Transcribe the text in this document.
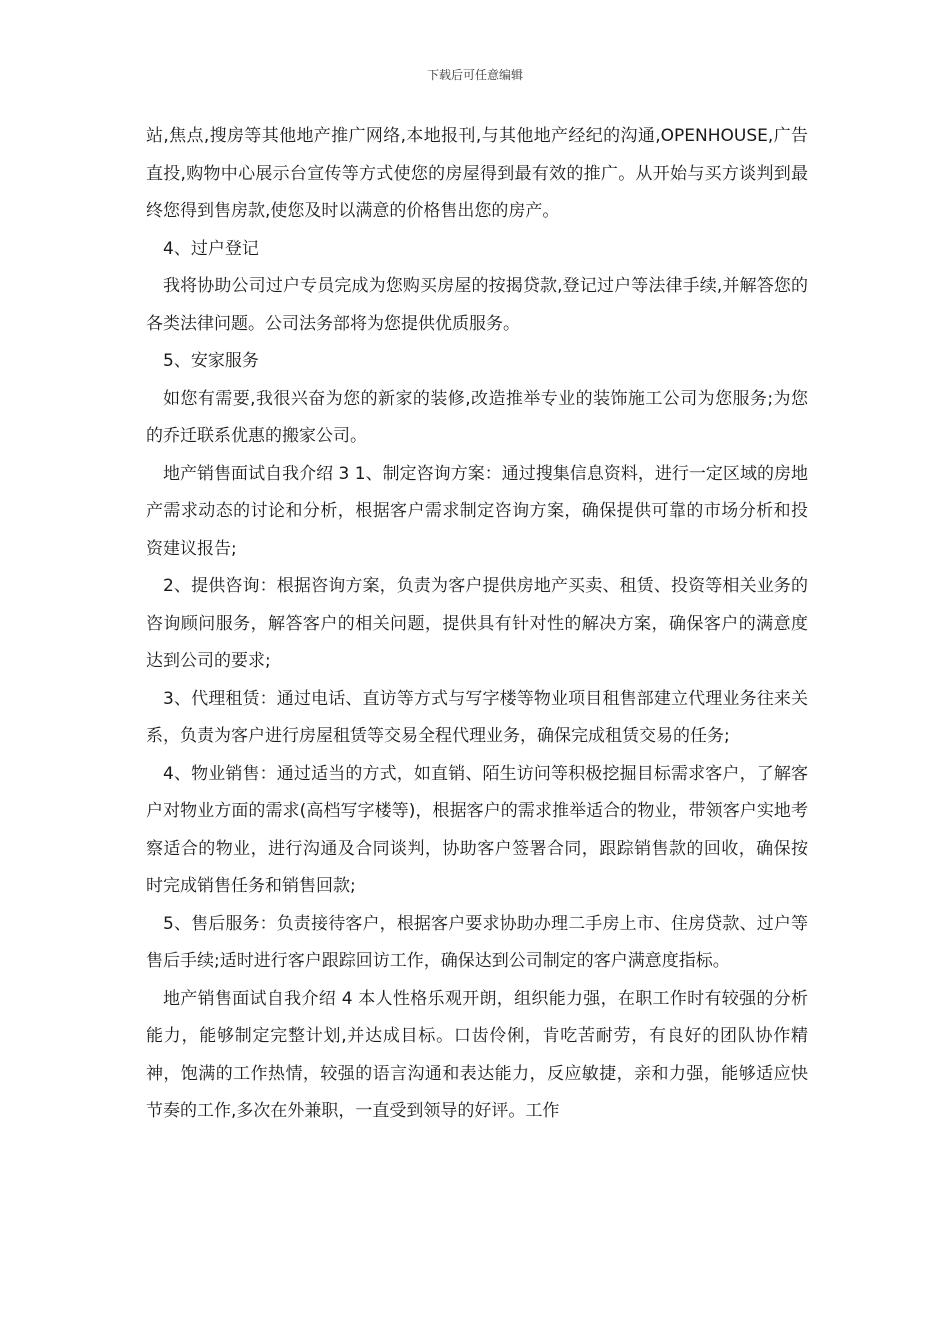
下载后可任意编辑

站,焦点,搜房等其他地产推广网络,本地报刊,与其他地产经纪的沟通,OPENHOUSE,广告直投,购物中心展示台宣传等方式使您的房屋得到最有效的推广。从开始与买方谈判到最终您得到售房款,使您及时以满意的价格售出您的房产。

4、过户登记

我将协助公司过户专员完成为您购买房屋的按揭贷款,登记过户等法律手续,并解答您的各类法律问题。公司法务部将为您提供优质服务。

5、安家服务

如您有需要,我很兴奋为您的新家的装修,改造推举专业的装饰施工公司为您服务;为您的乔迁联系优惠的搬家公司。

地产销售面试自我介绍 3 1、制定咨询方案：通过搜集信息资料，进行一定区域的房地产需求动态的讨论和分析，根据客户需求制定咨询方案，确保提供可靠的市场分析和投资建议报告;

2、提供咨询：根据咨询方案，负责为客户提供房地产买卖、租赁、投资等相关业务的咨询顾问服务，解答客户的相关问题，提供具有针对性的解决方案，确保客户的满意度达到公司的要求;

3、代理租赁：通过电话、直访等方式与写字楼等物业项目租售部建立代理业务往来关系，负责为客户进行房屋租赁等交易全程代理业务，确保完成租赁交易的任务;

4、物业销售：通过适当的方式，如直销、陌生访问等积极挖掘目标需求客户，了解客户对物业方面的需求(高档写字楼等)，根据客户的需求推举适合的物业，带领客户实地考察适合的物业，进行沟通及合同谈判，协助客户签署合同，跟踪销售款的回收，确保按时完成销售任务和销售回款;

5、售后服务：负责接待客户，根据客户要求协助办理二手房上市、住房贷款、过户等售后手续;适时进行客户跟踪回访工作，确保达到公司制定的客户满意度指标。

地产销售面试自我介绍 4 本人性格乐观开朗，组织能力强，在职工作时有较强的分析能力，能够制定完整计划,并达成目标。口齿伶俐，肯吃苦耐劳，有良好的团队协作精神，饱满的工作热情，较强的语言沟通和表达能力，反应敏捷，亲和力强，能够适应快节奏的工作,多次在外兼职，一直受到领导的好评。工作
